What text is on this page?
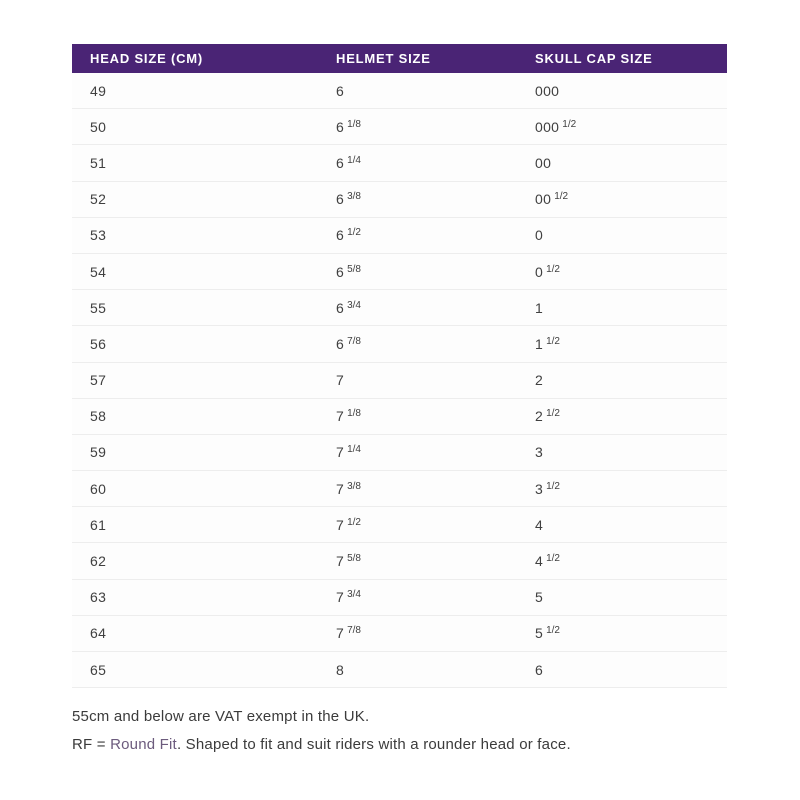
HEAD SIZE (CM)	HELMET SIZE	SKULL CAP SIZE
49	6	000
50	6 $^{1/8}$	000 $^{1/2}$
51	6 $^{1/4}$	00
52	6 $^{3/8}$	00 $^{1/2}$
53	6 $^{1/2}$	0
54	6 $^{5/8}$	0 $^{1/2}$
55	6 $^{3/4}$	1
56	6 $^{7/8}$	1 $^{1/2}$
57	7	2
58	7 $^{1/8}$	2 $^{1/2}$
59	7 $^{1/4}$	3
60	7 $^{3/8}$	3 $^{1/2}$
61	7 $^{1/2}$	4
62	7 $^{5/8}$	4 $^{1/2}$
63	7 $^{3/4}$	5
64	7 $^{7/8}$	5 $^{1/2}$
65	8	6
55cm and below are VAT exempt in the UK.
RF = Round Fit. Shaped to fit and suit riders with a rounder head or face.
